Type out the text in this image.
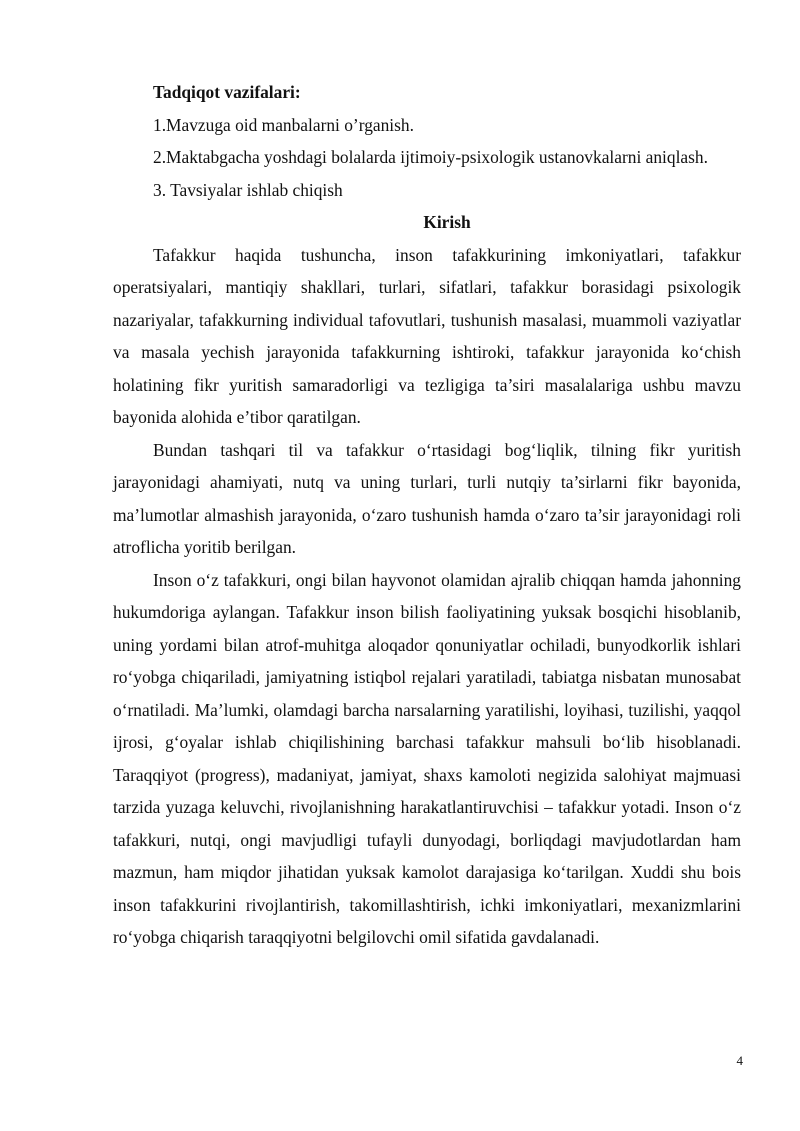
Tadqiqot vazifalari:

1.Mavzuga oid manbalarni o’rganish.

2.Maktabgacha yoshdagi bolalarda ijtimoiy-psixologik ustanovkalarni aniqlash.

3. Tavsiyalar ishlab chiqish

Kirish

Tafakkur haqida tushuncha, inson tafakkurining imkoniyatlari, tafakkur operatsiyalari, mantiqiy shakllari, turlari, sifatlari, tafakkur borasidagi psixologik nazariyalar, tafakkurning individual tafovutlari, tushunish masalasi, muammoli vaziyatlar va masala yechish jarayonida tafakkurning ishtiroki, tafakkur jarayonida ko‘chish holatining fikr yuritish samaradorligi va tezligiga ta’siri masalalariga ushbu mavzu bayonida alohida e’tibor qaratilgan.

Bundan tashqari til va tafakkur o‘rtasidagi bog‘liqlik, tilning fikr yuritish jarayonidagi ahamiyati, nutq va uning turlari, turli nutqiy ta’sirlarni fikr bayonida, ma’lumotlar almashish jarayonida, o‘zaro tushunish hamda o‘zaro ta’sir jarayonidagi roli atroflicha yoritib berilgan.

Inson o‘z tafakkuri, ongi bilan hayvonot olamidan ajralib chiqqan hamda jahonning hukumdoriga aylangan. Tafakkur inson bilish faoliyatining yuksak bosqichi hisoblanib, uning yordami bilan atrof-muhitga aloqador qonuniyatlar ochiladi, bunyodkorlik ishlari ro‘yobga chiqariladi, jamiyatning istiqbol rejalari yaratiladi, tabiatga nisbatan munosabat o‘rnatiladi. Ma’lumki, olamdagi barcha narsalarning yaratilishi, loyihasi, tuzilishi, yaqqol ijrosi, g‘oyalar ishlab chiqilishining barchasi tafakkur mahsuli bo‘lib hisoblanadi. Taraqqiyot (progress), madaniyat, jamiyat, shaxs kamoloti negizida salohiyat majmuasi tarzida yuzaga keluvchi, rivojlanishning harakatlantiruvchisi – tafakkur yotadi. Inson o‘z tafakkuri, nutqi, ongi mavjudligi tufayli dunyodagi, borliqdagi mavjudotlardan ham mazmun, ham miqdor jihatidan yuksak kamolot darajasiga ko‘tarilgan. Xuddi shu bois inson tafakkurini rivojlantirish, takomillashtirish, ichki imkoniyatlari, mexanizmlarini ro‘yobga chiqarish taraqqiyotni belgilovchi omil sifatida gavdalanadi.

4
